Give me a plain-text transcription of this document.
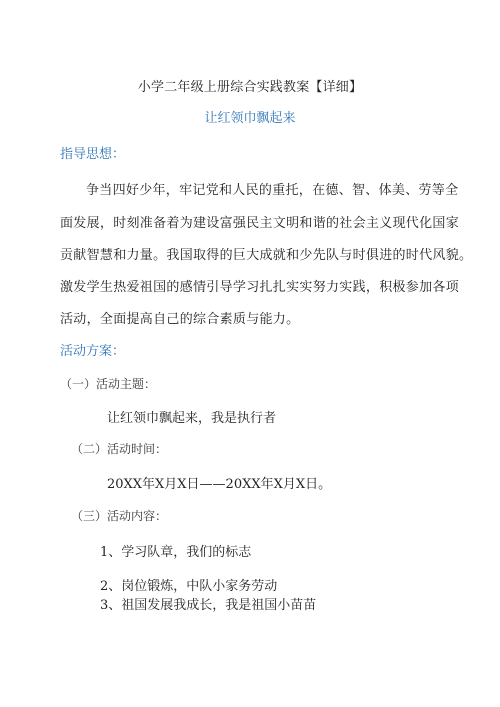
小学二年级上册综合实践教案【详细】
让红领巾飘起来
指导思想：
争当四好少年，牢记党和人民的重托，在德、智、体美、劳等全
面发展，时刻准备着为建设富强民主文明和谐的社会主义现代化国家
贡献智慧和力量。我国取得的巨大成就和少先队与时俱进的时代风貌。
激发学生热爱祖国的感情引导学习扎扎实实努力实践，积极参加各项
活动，全面提高自己的综合素质与能力。
活动方案：
（一）活动主题：
让红领巾飘起来，我是执行者
（二）活动时间：
20XX年X月X日——20XX年X月X日。
（三）活动内容：
1、学习队章，我们的标志
2、岗位锻炼，中队小家务劳动
3、祖国发展我成长，我是祖国小苗苗
